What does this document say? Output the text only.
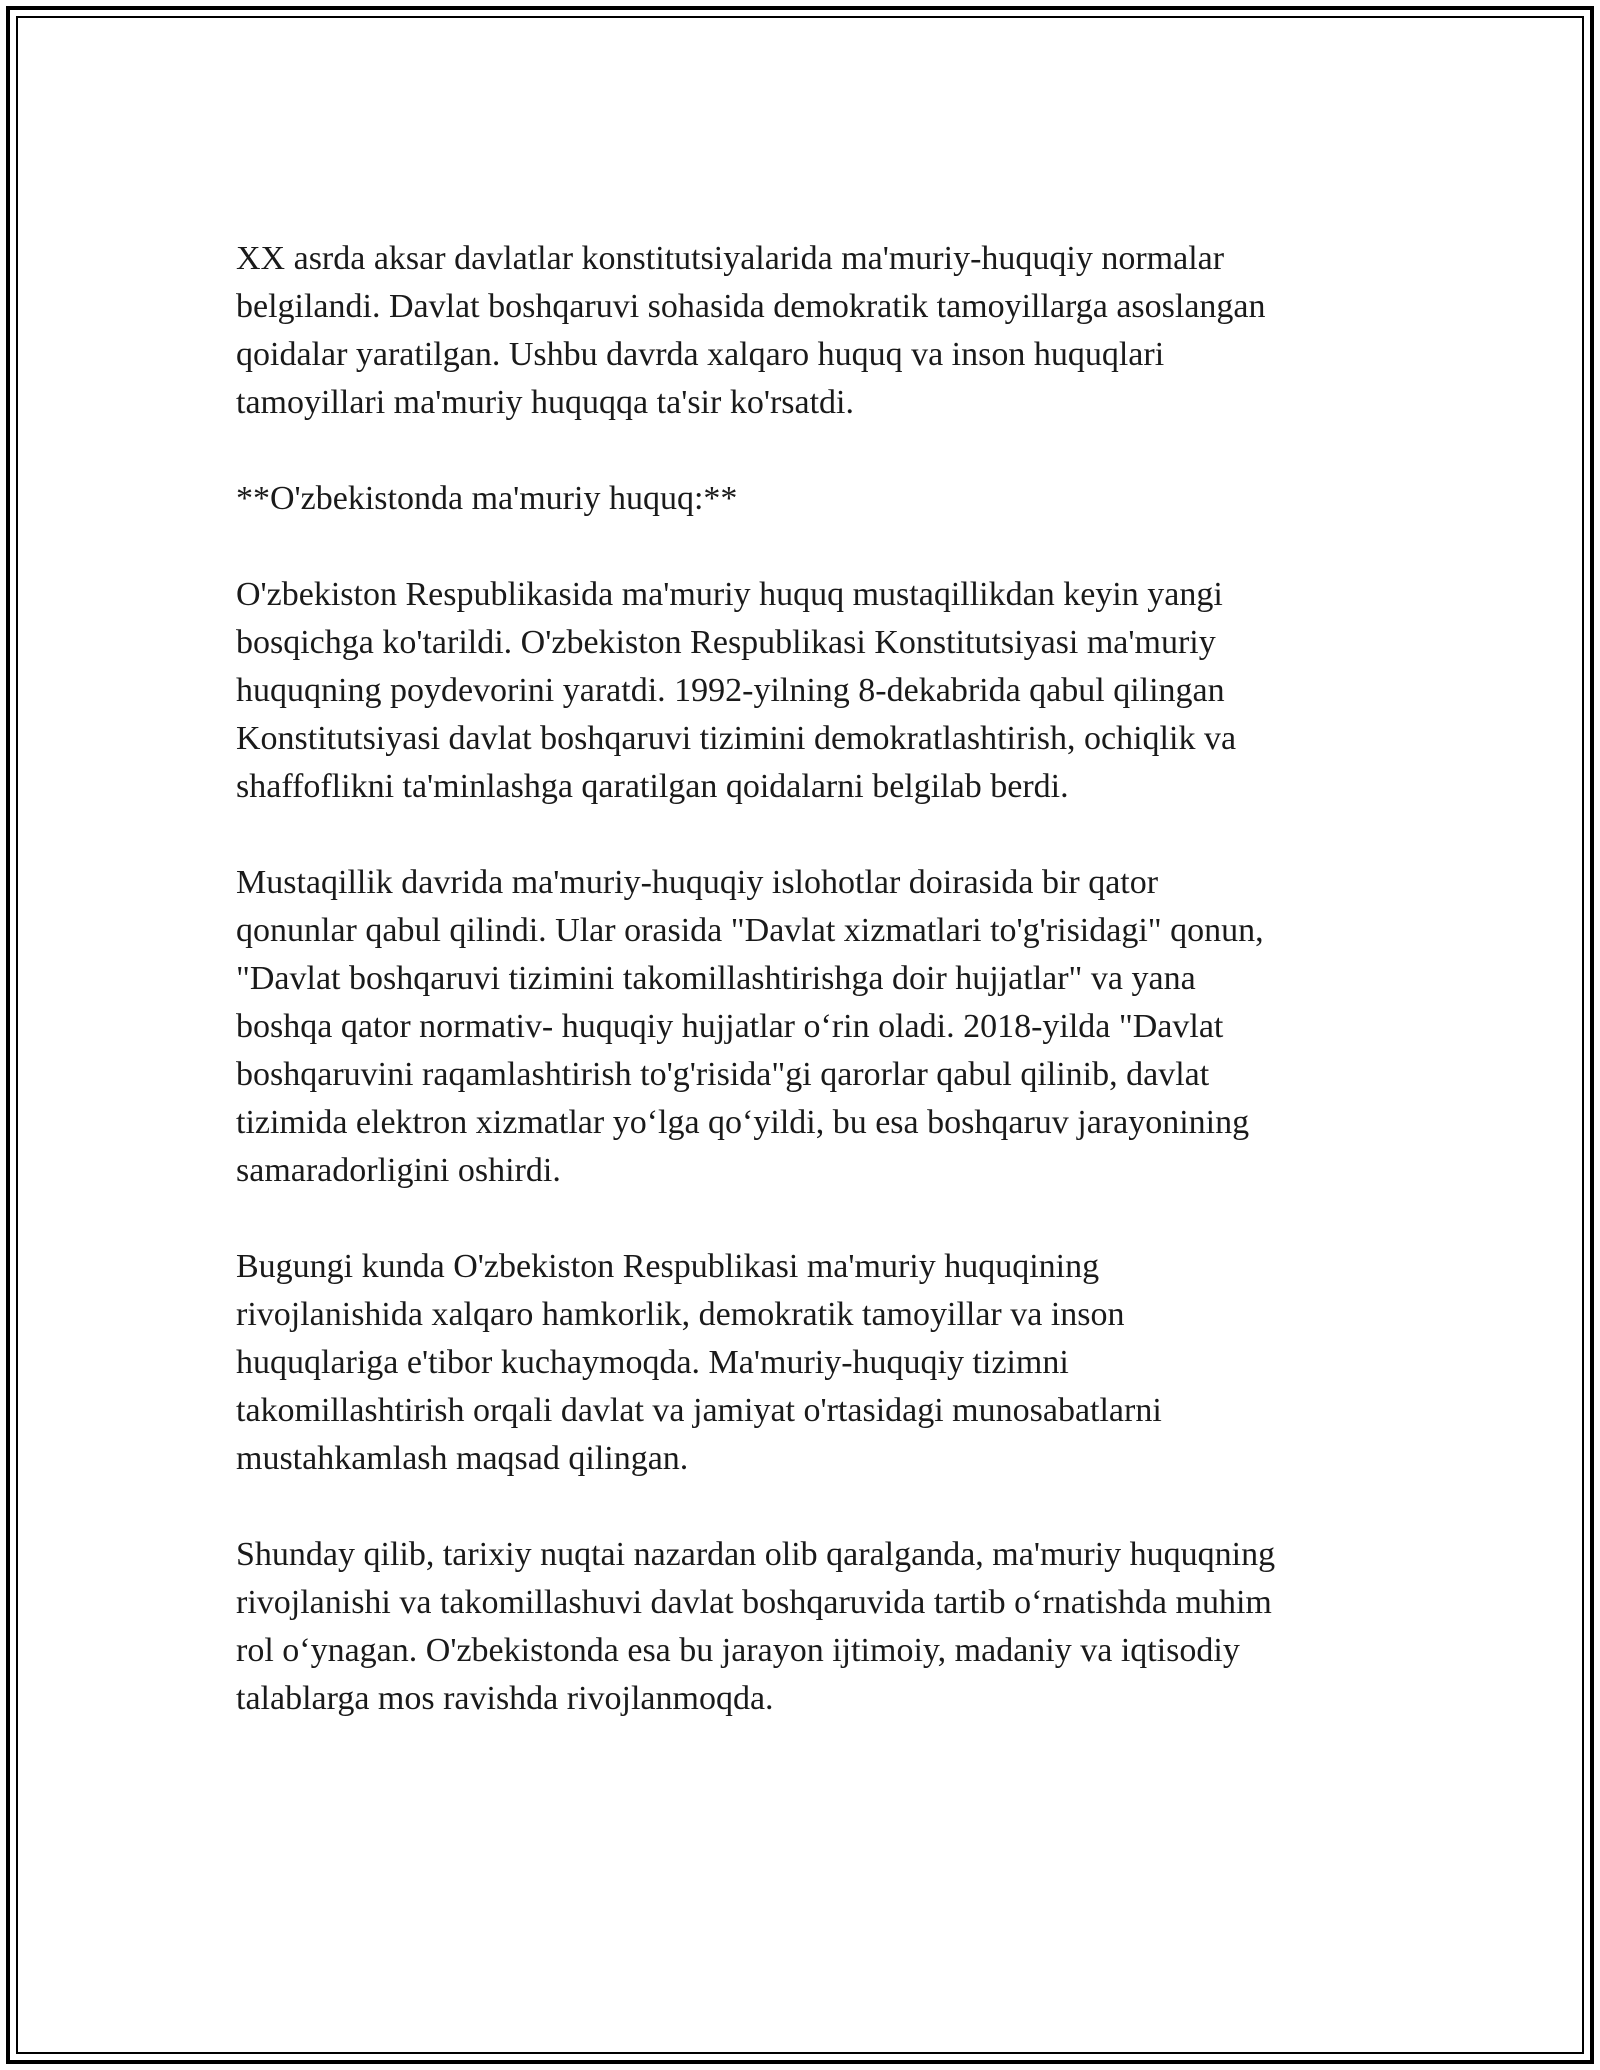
XX asrda aksar davlatlar konstitutsiyalarida ma'muriy-huquqiy normalar
belgilandi. Davlat boshqaruvi sohasida demokratik tamoyillarga asoslangan
qoidalar yaratilgan. Ushbu davrda xalqaro huquq va inson huquqlari
tamoyillari ma'muriy huquqqa ta'sir ko'rsatdi.

**O'zbekistonda ma'muriy huquq:**

O'zbekiston Respublikasida ma'muriy huquq mustaqillikdan keyin yangi
bosqichga ko'tarildi. O'zbekiston Respublikasi Konstitutsiyasi ma'muriy
huquqning poydevorini yaratdi. 1992-yilning 8-dekabrida qabul qilingan
Konstitutsiyasi davlat boshqaruvi tizimini demokratlashtirish, ochiqlik va
shaffoflikni ta'minlashga qaratilgan qoidalarni belgilab berdi.

Mustaqillik davrida ma'muriy-huquqiy islohotlar doirasida bir qator
qonunlar qabul qilindi. Ular orasida "Davlat xizmatlari to'g'risidagi" qonun,
"Davlat boshqaruvi tizimini takomillashtirishga doir hujjatlar" va yana
boshqa qator normativ- huquqiy hujjatlar o‘rin oladi. 2018-yilda "Davlat
boshqaruvini raqamlashtirish to'g'risida"gi qarorlar qabul qilinib, davlat
tizimida elektron xizmatlar yo‘lga qo‘yildi, bu esa boshqaruv jarayonining
samaradorligini oshirdi.

Bugungi kunda O'zbekiston Respublikasi ma'muriy huquqining
rivojlanishida xalqaro hamkorlik, demokratik tamoyillar va inson
huquqlariga e'tibor kuchaymoqda. Ma'muriy-huquqiy tizimni
takomillashtirish orqali davlat va jamiyat o'rtasidagi munosabatlarni
mustahkamlash maqsad qilingan.

Shunday qilib, tarixiy nuqtai nazardan olib qaralganda, ma'muriy huquqning
rivojlanishi va takomillashuvi davlat boshqaruvida tartib o‘rnatishda muhim
rol o‘ynagan. O'zbekistonda esa bu jarayon ijtimoiy, madaniy va iqtisodiy
talablarga mos ravishda rivojlanmoqda.
